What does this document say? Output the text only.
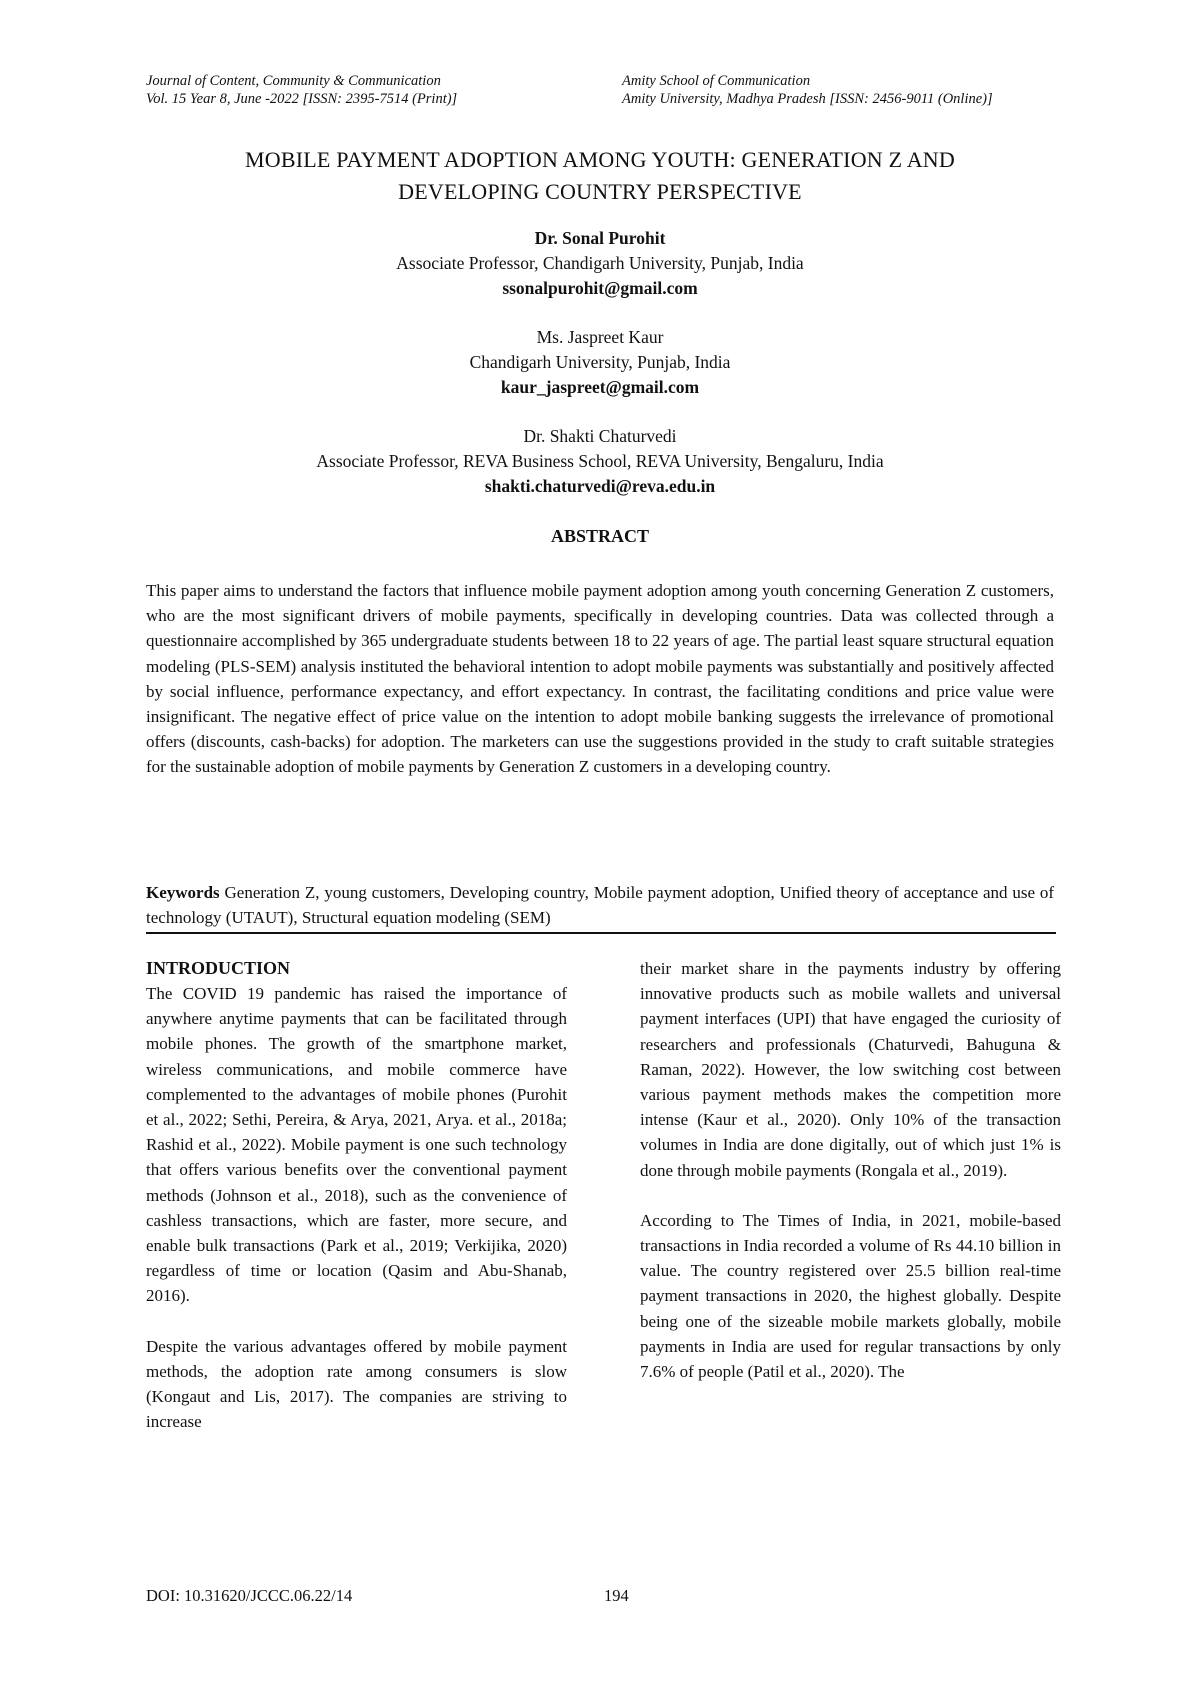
Journal of Content, Community & Communication
Vol. 15 Year 8, June -2022 [ISSN: 2395-7514 (Print)]
Amity School of Communication
Amity University, Madhya Pradesh [ISSN: 2456-9011 (Online)]
MOBILE PAYMENT ADOPTION AMONG YOUTH: GENERATION Z AND
DEVELOPING COUNTRY PERSPECTIVE
Dr. Sonal Purohit
Associate Professor, Chandigarh University, Punjab, India
ssonalpurohit@gmail.com
Ms. Jaspreet Kaur
Chandigarh University, Punjab, India
kaur_jaspreet@gmail.com
Dr. Shakti Chaturvedi
Associate Professor, REVA Business School, REVA University, Bengaluru, India
shakti.chaturvedi@reva.edu.in
ABSTRACT

This paper aims to understand the factors that influence mobile payment adoption among youth concerning Generation Z customers, who are the most significant drivers of mobile payments, specifically in developing countries. Data was collected through a questionnaire accomplished by 365 undergraduate students between 18 to 22 years of age. The partial least square structural equation modeling (PLS-SEM) analysis instituted the behavioral intention to adopt mobile payments was substantially and positively affected by social influence, performance expectancy, and effort expectancy. In contrast, the facilitating conditions and price value were insignificant. The negative effect of price value on the intention to adopt mobile banking suggests the irrelevance of promotional offers (discounts, cash-backs) for adoption. The marketers can use the suggestions provided in the study to craft suitable strategies for the sustainable adoption of mobile payments by Generation Z customers in a developing country.

Keywords Generation Z, young customers, Developing country, Mobile payment adoption, Unified theory of acceptance and use of technology (UTAUT), Structural equation modeling (SEM)
INTRODUCTION

The COVID 19 pandemic has raised the importance of anywhere anytime payments that can be facilitated through mobile phones. The growth of the smartphone market, wireless communications, and mobile commerce have complemented to the advantages of mobile phones (Purohit et al., 2022; Sethi, Pereira, & Arya, 2021, Arya. et al., 2018a; Rashid et al., 2022). Mobile payment is one such technology that offers various benefits over the conventional payment methods (Johnson et al., 2018), such as the convenience of cashless transactions, which are faster, more secure, and enable bulk transactions (Park et al., 2019; Verkijika, 2020) regardless of time or location (Qasim and Abu-Shanab, 2016).

Despite the various advantages offered by mobile payment methods, the adoption rate among consumers is slow (Kongaut and Lis, 2017). The companies are striving to increase

their market share in the payments industry by offering innovative products such as mobile wallets and universal payment interfaces (UPI) that have engaged the curiosity of researchers and professionals (Chaturvedi, Bahuguna & Raman, 2022). However, the low switching cost between various payment methods makes the competition more intense (Kaur et al., 2020). Only 10% of the transaction volumes in India are done digitally, out of which just 1% is done through mobile payments (Rongala et al., 2019).

According to The Times of India, in 2021, mobile-based transactions in India recorded a volume of Rs 44.10 billion in value. The country registered over 25.5 billion real-time payment transactions in 2020, the highest globally. Despite being one of the sizeable mobile markets globally, mobile payments in India are used for regular transactions by only 7.6% of people (Patil et al., 2020). The

DOI: 10.31620/JCCC.06.22/14	194
